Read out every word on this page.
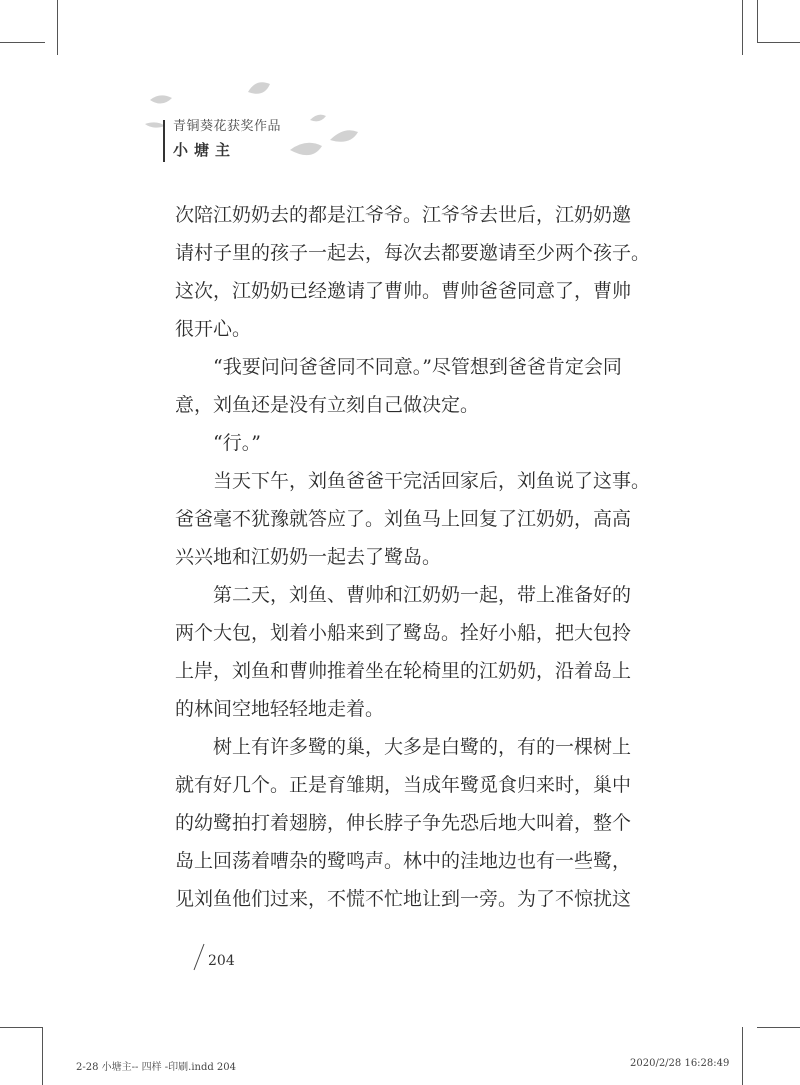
青铜葵花获奖作品
小塘主
次陪江奶奶去的都是江爷爷。江爷爷去世后，江奶奶邀
请村子里的孩子一起去，每次去都要邀请至少两个孩子。
这次，江奶奶已经邀请了曹帅。曹帅爸爸同意了，曹帅
很开心。
“我要问问爸爸同不同意。”尽管想到爸爸肯定会同
意，刘鱼还是没有立刻自己做决定。
“行。”
当天下午，刘鱼爸爸干完活回家后，刘鱼说了这事。
爸爸毫不犹豫就答应了。刘鱼马上回复了江奶奶，高高
兴兴地和江奶奶一起去了鹭岛。
第二天，刘鱼、曹帅和江奶奶一起，带上准备好的
两个大包，划着小船来到了鹭岛。拴好小船，把大包拎
上岸，刘鱼和曹帅推着坐在轮椅里的江奶奶，沿着岛上
的林间空地轻轻地走着。
树上有许多鹭的巢，大多是白鹭的，有的一棵树上
就有好几个。正是育雏期，当成年鹭觅食归来时，巢中
的幼鹭拍打着翅膀，伸长脖子争先恐后地大叫着，整个
岛上回荡着嘈杂的鹭鸣声。林中的洼地边也有一些鹭，
见刘鱼他们过来，不慌不忙地让到一旁。为了不惊扰这
204
2-28 小塘主-- 四样 -印刷.indd 204	2020/2/28 16:28:49
